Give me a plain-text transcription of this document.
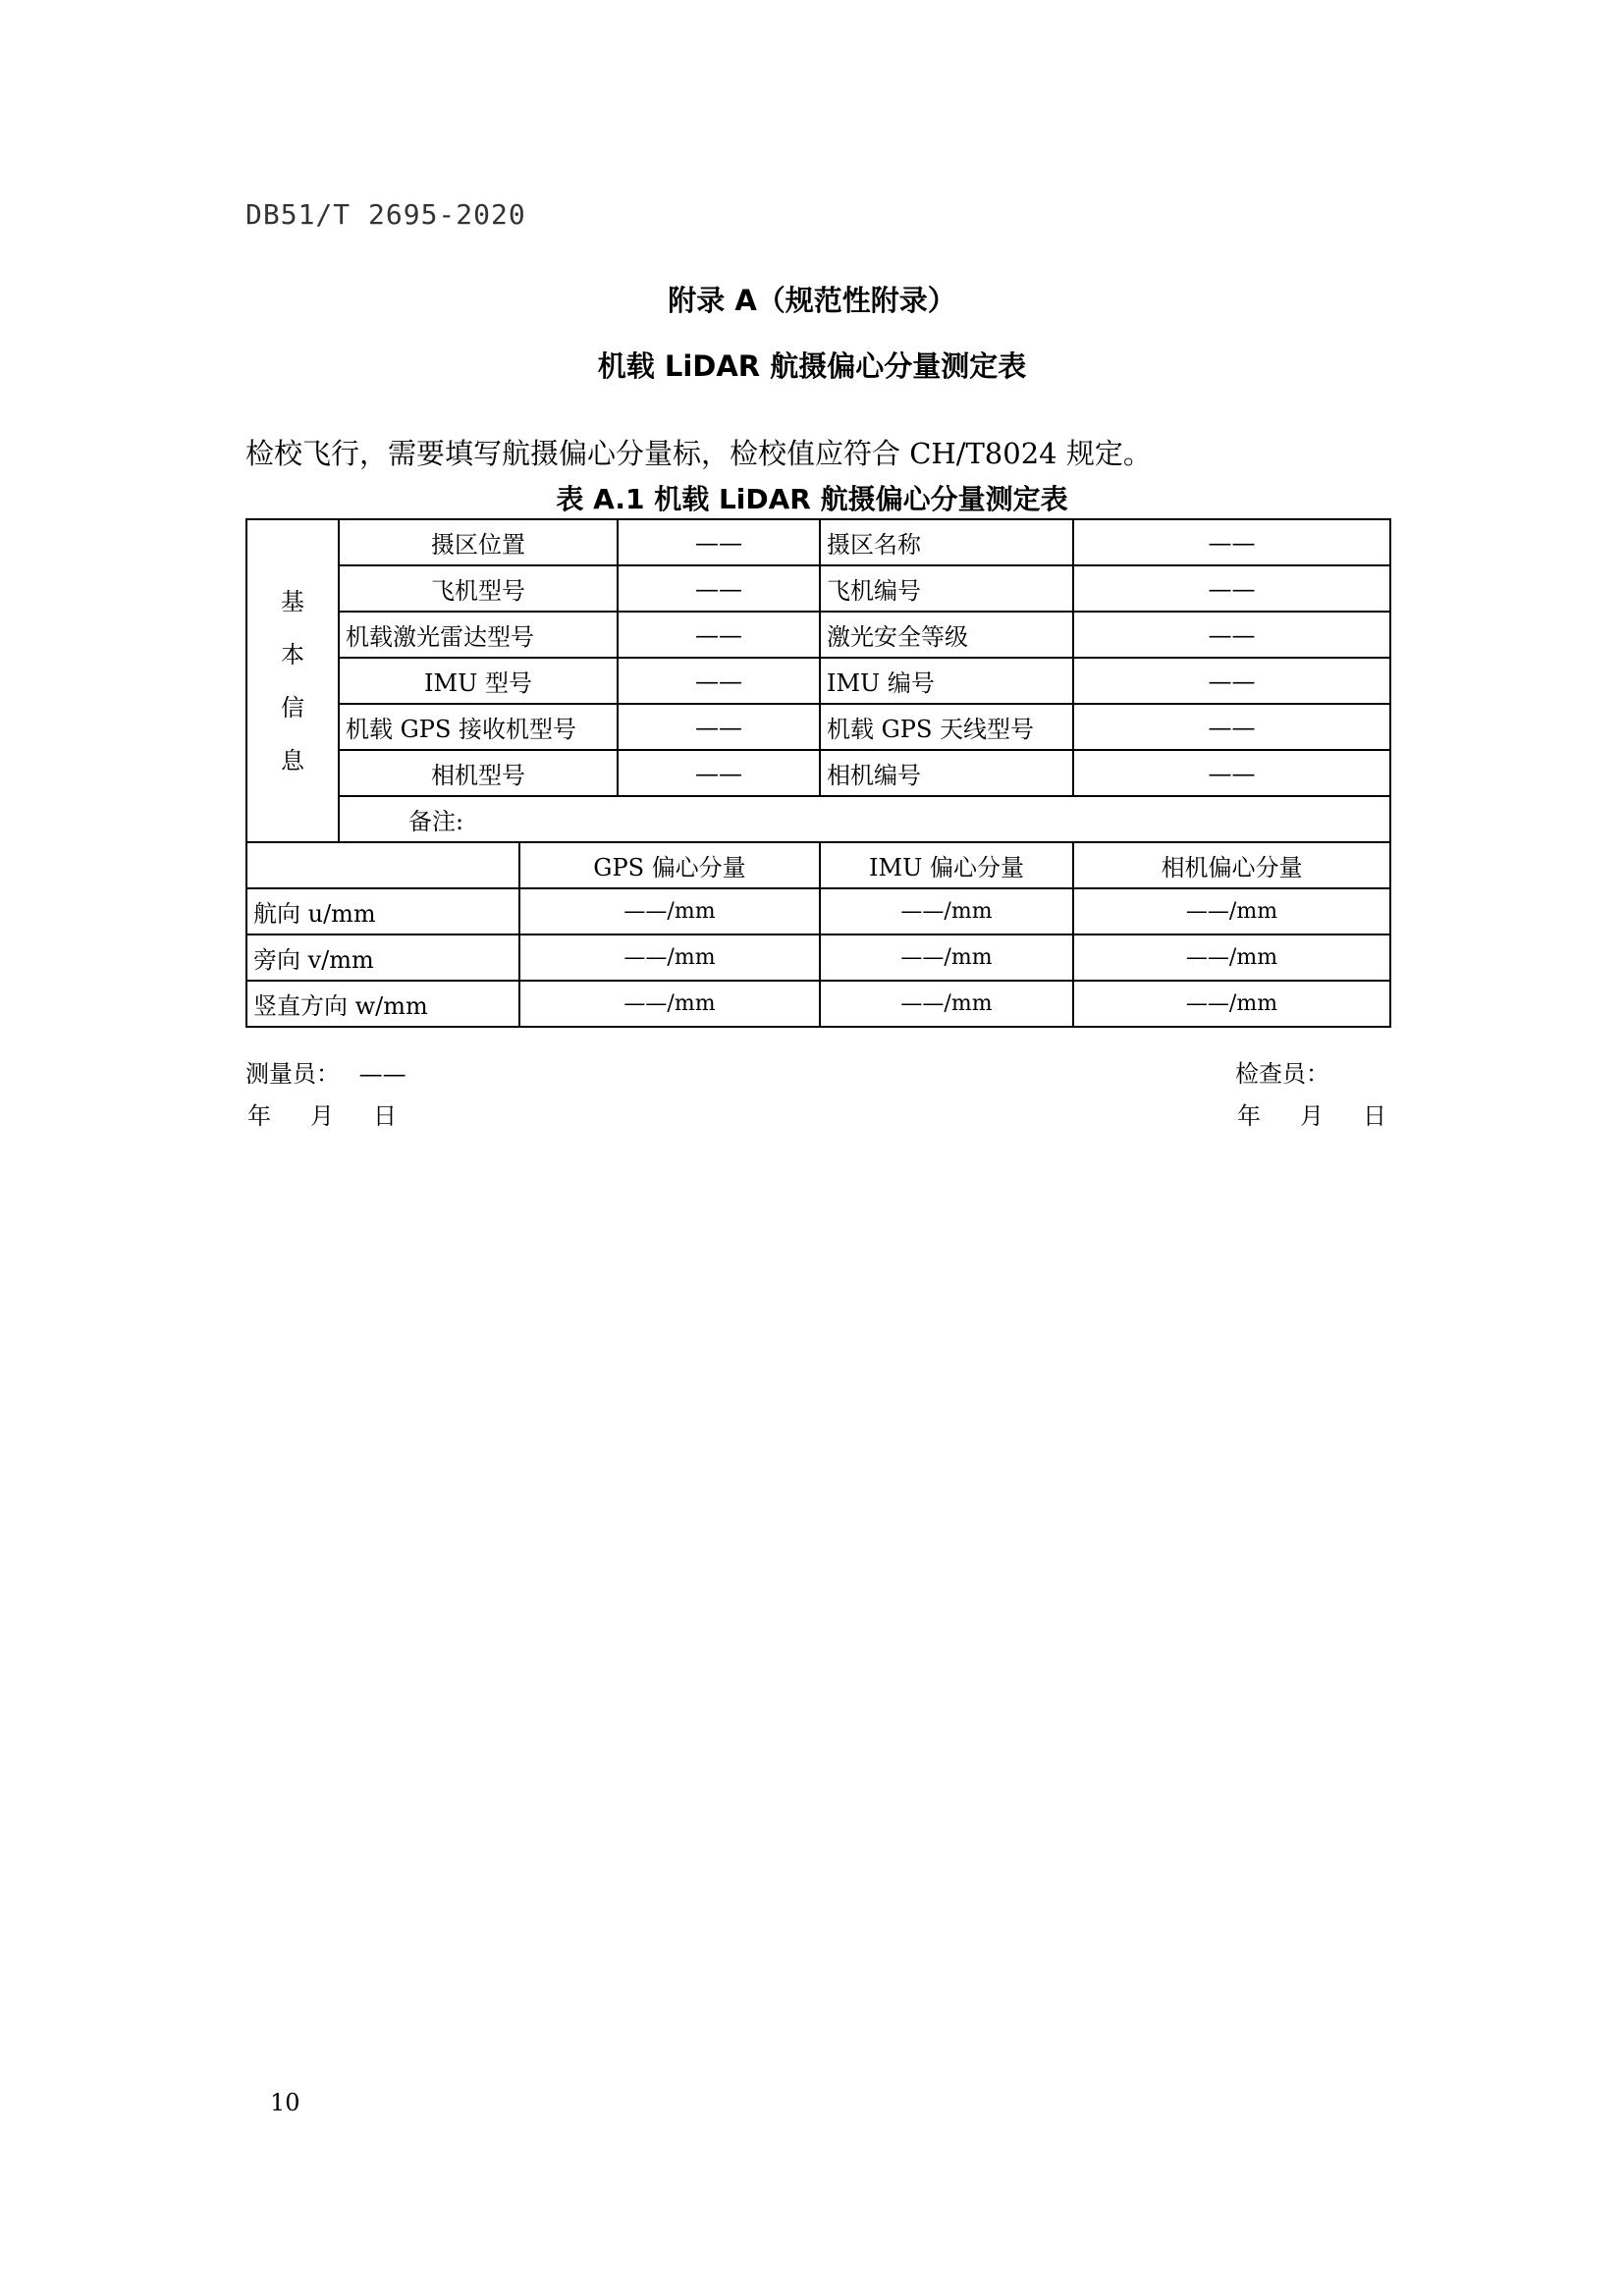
DB51/T 2695-2020
附录 A（规范性附录）
机载 LiDAR 航摄偏心分量测定表
检校飞行，需要填写航摄偏心分量标，检校值应符合 CH/T8024 规定。
表 A.1 机载 LiDAR 航摄偏心分量测定表
基
本
信
息	摄区位置		——	摄区名称	——
	飞机型号		——	飞机编号	——
	机载激光雷达型号		——	激光安全等级	——
	IMU 型号		——	IMU 编号	——
	机载 GPS 接收机型号		——	机载 GPS 天线型号	——
	相机型号		——	相机编号	——
	备注:				
		GPS 偏心分量		IMU 偏心分量	相机偏心分量
航向 u/mm		——/mm		——/mm	——/mm
旁向 v/mm		——/mm		——/mm	——/mm
竖直方向 w/mm		——/mm		——/mm	——/mm
测量员： ——	检查员：
年 月 日	年 月 日
10
